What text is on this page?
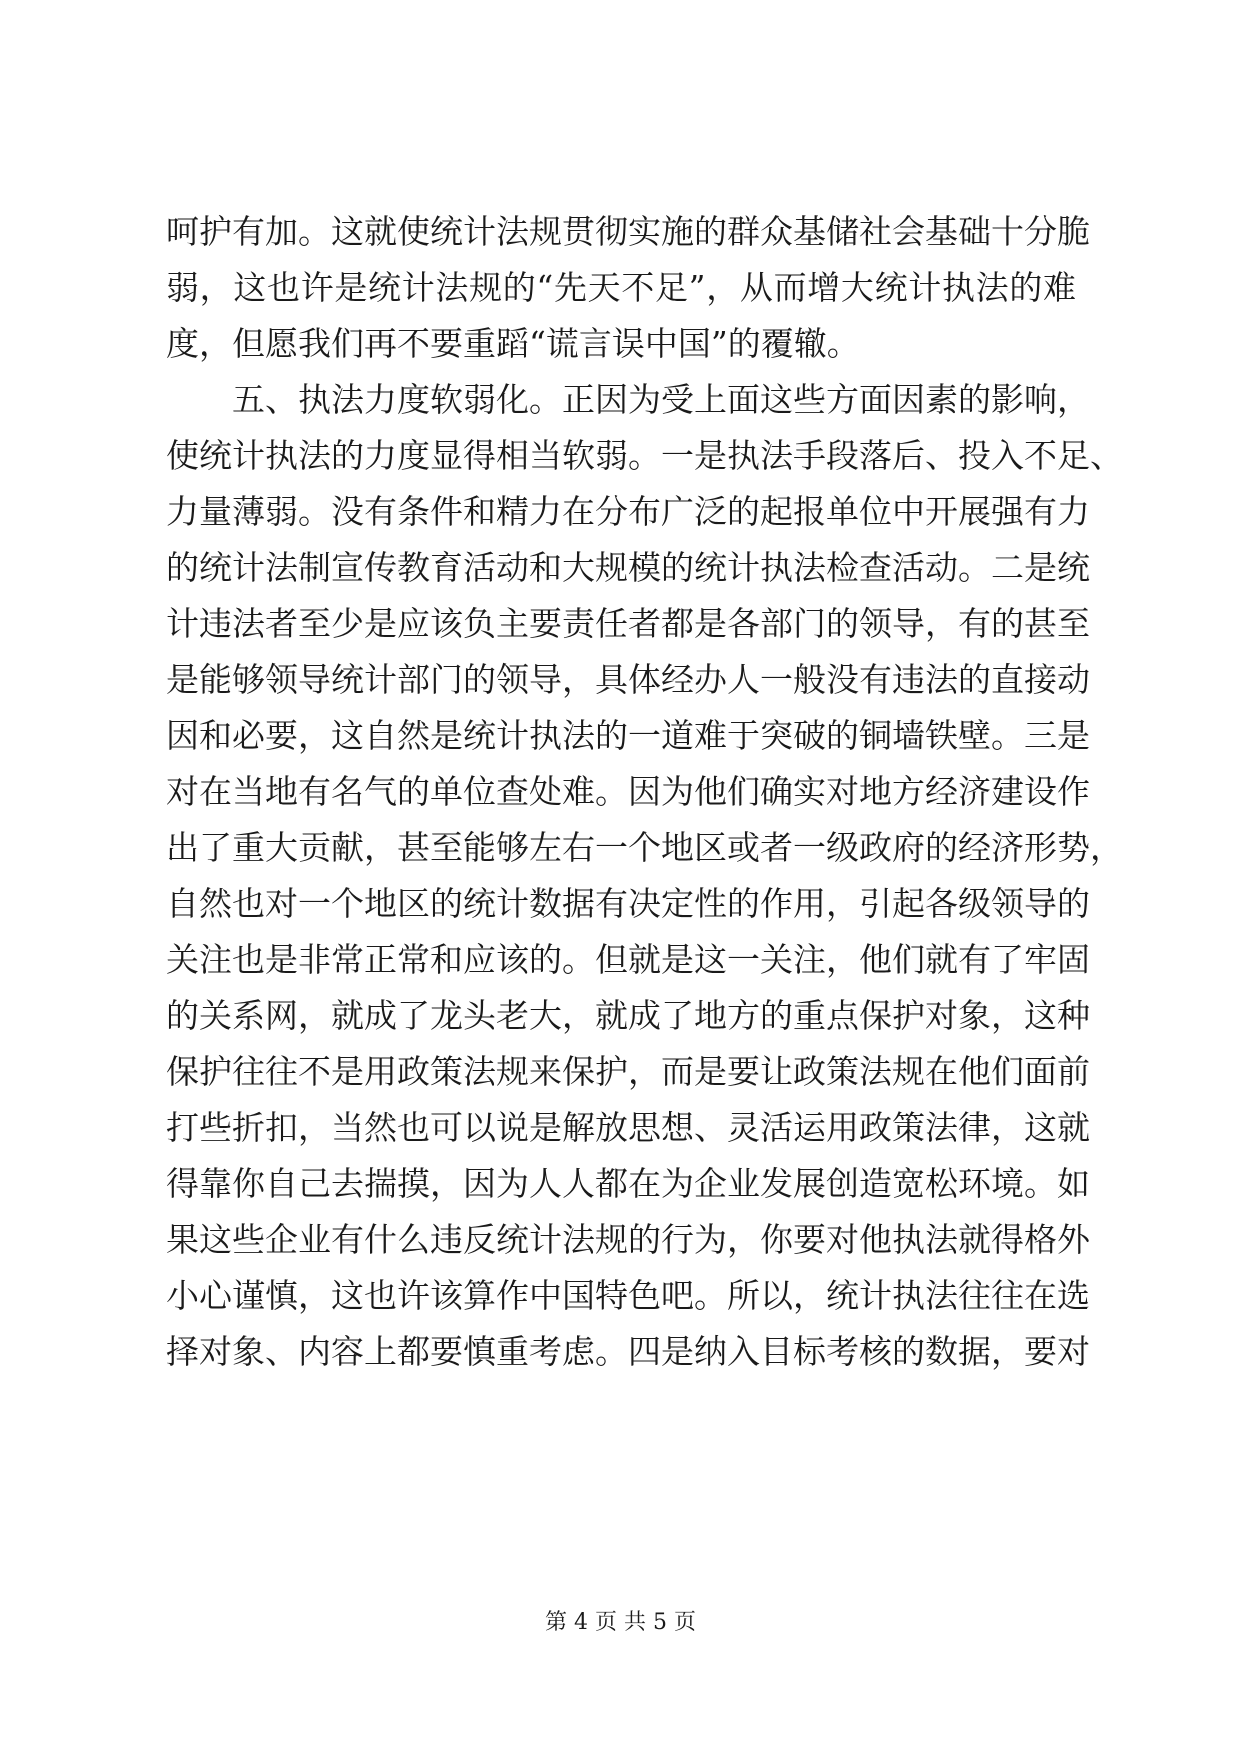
呵护有加。这就使统计法规贯彻实施的群众基储社会基础十分脆
弱，这也许是统计法规的“先天不足”，从而增大统计执法的难
度，但愿我们再不要重蹈“谎言误中国”的覆辙。
五、执法力度软弱化。正因为受上面这些方面因素的影响，
使统计执法的力度显得相当软弱。一是执法手段落后、投入不足、
力量薄弱。没有条件和精力在分布广泛的起报单位中开展强有力
的统计法制宣传教育活动和大规模的统计执法检查活动。二是统
计违法者至少是应该负主要责任者都是各部门的领导，有的甚至
是能够领导统计部门的领导，具体经办人一般没有违法的直接动
因和必要，这自然是统计执法的一道难于突破的铜墙铁壁。三是
对在当地有名气的单位查处难。因为他们确实对地方经济建设作
出了重大贡献，甚至能够左右一个地区或者一级政府的经济形势，
自然也对一个地区的统计数据有决定性的作用，引起各级领导的
关注也是非常正常和应该的。但就是这一关注，他们就有了牢固
的关系网，就成了龙头老大，就成了地方的重点保护对象，这种
保护往往不是用政策法规来保护，而是要让政策法规在他们面前
打些折扣，当然也可以说是解放思想、灵活运用政策法律，这就
得靠你自己去揣摸，因为人人都在为企业发展创造宽松环境。如
果这些企业有什么违反统计法规的行为，你要对他执法就得格外
小心谨慎，这也许该算作中国特色吧。所以，统计执法往往在选
择对象、内容上都要慎重考虑。四是纳入目标考核的数据，要对
第 4 页 共 5 页
